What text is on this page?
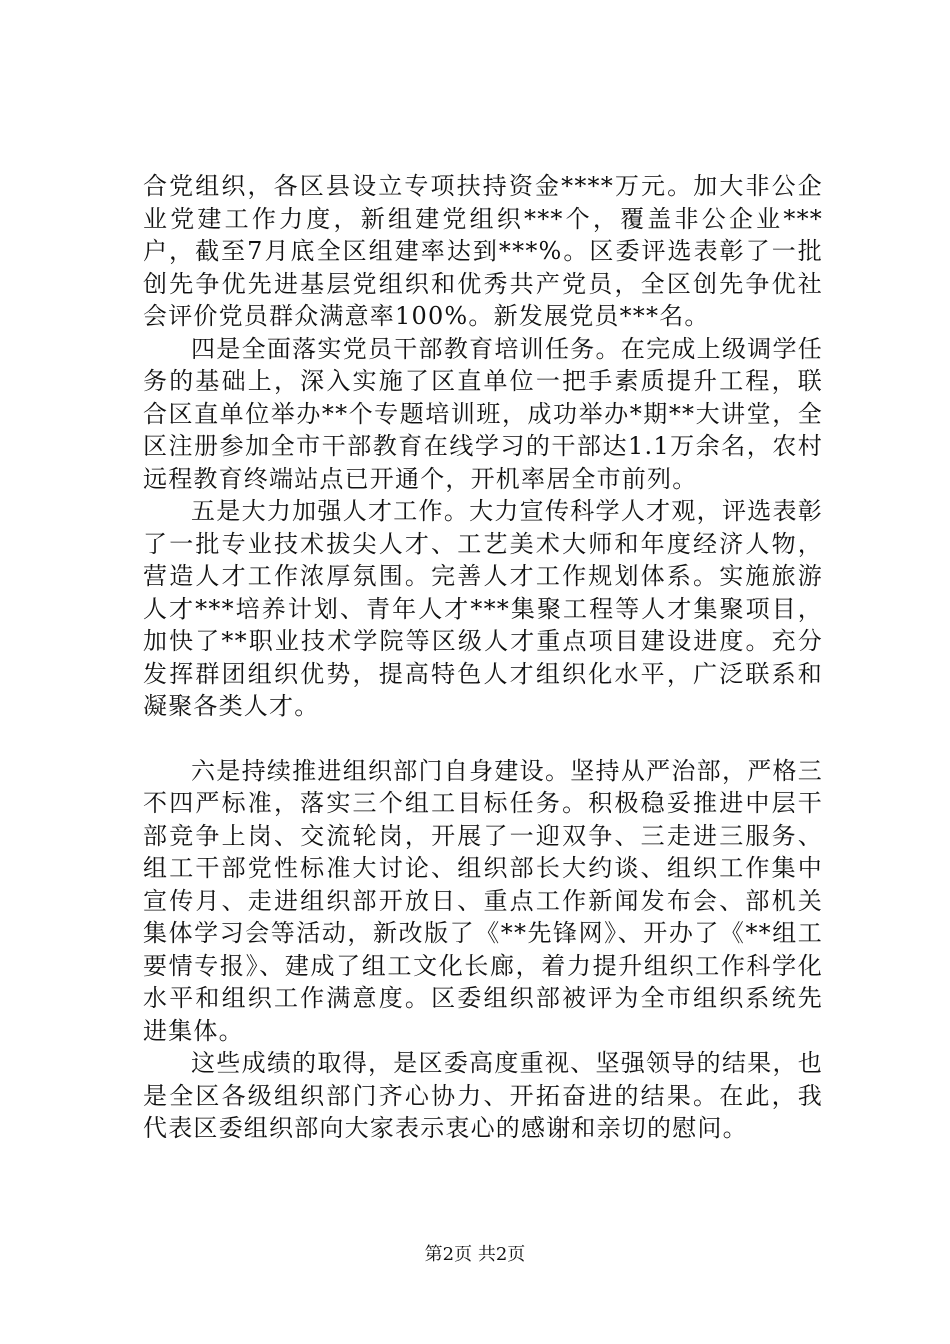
合党组织，各区县设立专项扶持资金****万元。加大非公企业党建工作力度，新组建党组织***个，覆盖非公企业***户，截至7月底全区组建率达到***%。区委评选表彰了一批创先争优先进基层党组织和优秀共产党员，全区创先争优社会评价党员群众满意率100%。新发展党员***名。

四是全面落实党员干部教育培训任务。在完成上级调学任务的基础上，深入实施了区直单位一把手素质提升工程，联合区直单位举办**个专题培训班，成功举办*期**大讲堂，全区注册参加全市干部教育在线学习的干部达1.1万余名，农村远程教育终端站点已开通个，开机率居全市前列。

五是大力加强人才工作。大力宣传科学人才观，评选表彰了一批专业技术拔尖人才、工艺美术大师和年度经济人物，营造人才工作浓厚氛围。完善人才工作规划体系。实施旅游人才***培养计划、青年人才***集聚工程等人才集聚项目，加快了**职业技术学院等区级人才重点项目建设进度。充分发挥群团组织优势，提高特色人才组织化水平，广泛联系和凝聚各类人才。

六是持续推进组织部门自身建设。坚持从严治部，严格三不四严标准，落实三个组工目标任务。积极稳妥推进中层干部竞争上岗、交流轮岗，开展了一迎双争、三走进三服务、组工干部党性标准大讨论、组织部长大约谈、组织工作集中宣传月、走进组织部开放日、重点工作新闻发布会、部机关集体学习会等活动，新改版了《**先锋网》、开办了《**组工要情专报》、建成了组工文化长廊，着力提升组织工作科学化水平和组织工作满意度。区委组织部被评为全市组织系统先进集体。

这些成绩的取得，是区委高度重视、坚强领导的结果，也是全区各级组织部门齐心协力、开拓奋进的结果。在此，我代表区委组织部向大家表示衷心的感谢和亲切的慰问。

第2页 共2页
